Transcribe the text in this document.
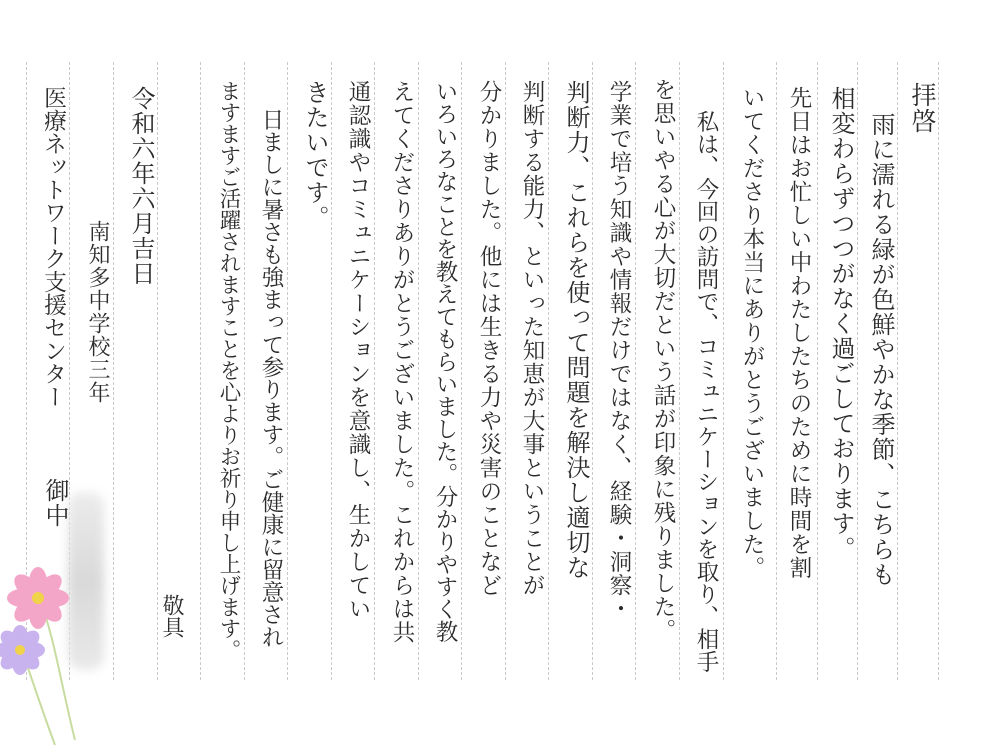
拝啓
雨に濡れる緑が色鮮やかな季節、こちらも
相変わらずつつがなく過ごしております。
先日はお忙しい中わたしたちのために時間を割
いてくださり本当にありがとうございました。
私は、今回の訪問で、コミュニケーションを取り、相手
を思いやる心が大切だという話が印象に残りました。
学業で培う知識や情報だけではなく、経験・洞察・
判断力、これらを使って問題を解決し適切な
判断する能力、といった知恵が大事ということが
分かりました。他には生きる力や災害のことなど
いろいろなことを教えてもらいました。分かりやすく教
えてくださりありがとうございました。これからは共
通認識やコミュニケーションを意識し、生かしてい
きたいです。
日ましに暑さも強まって参ります。ご健康に留意され
ますますご活躍されますことを心よりお祈り申し上げます。
敬具
令和六年六月吉日
南知多中学校三年
医療ネットワーク支援センター
御中
